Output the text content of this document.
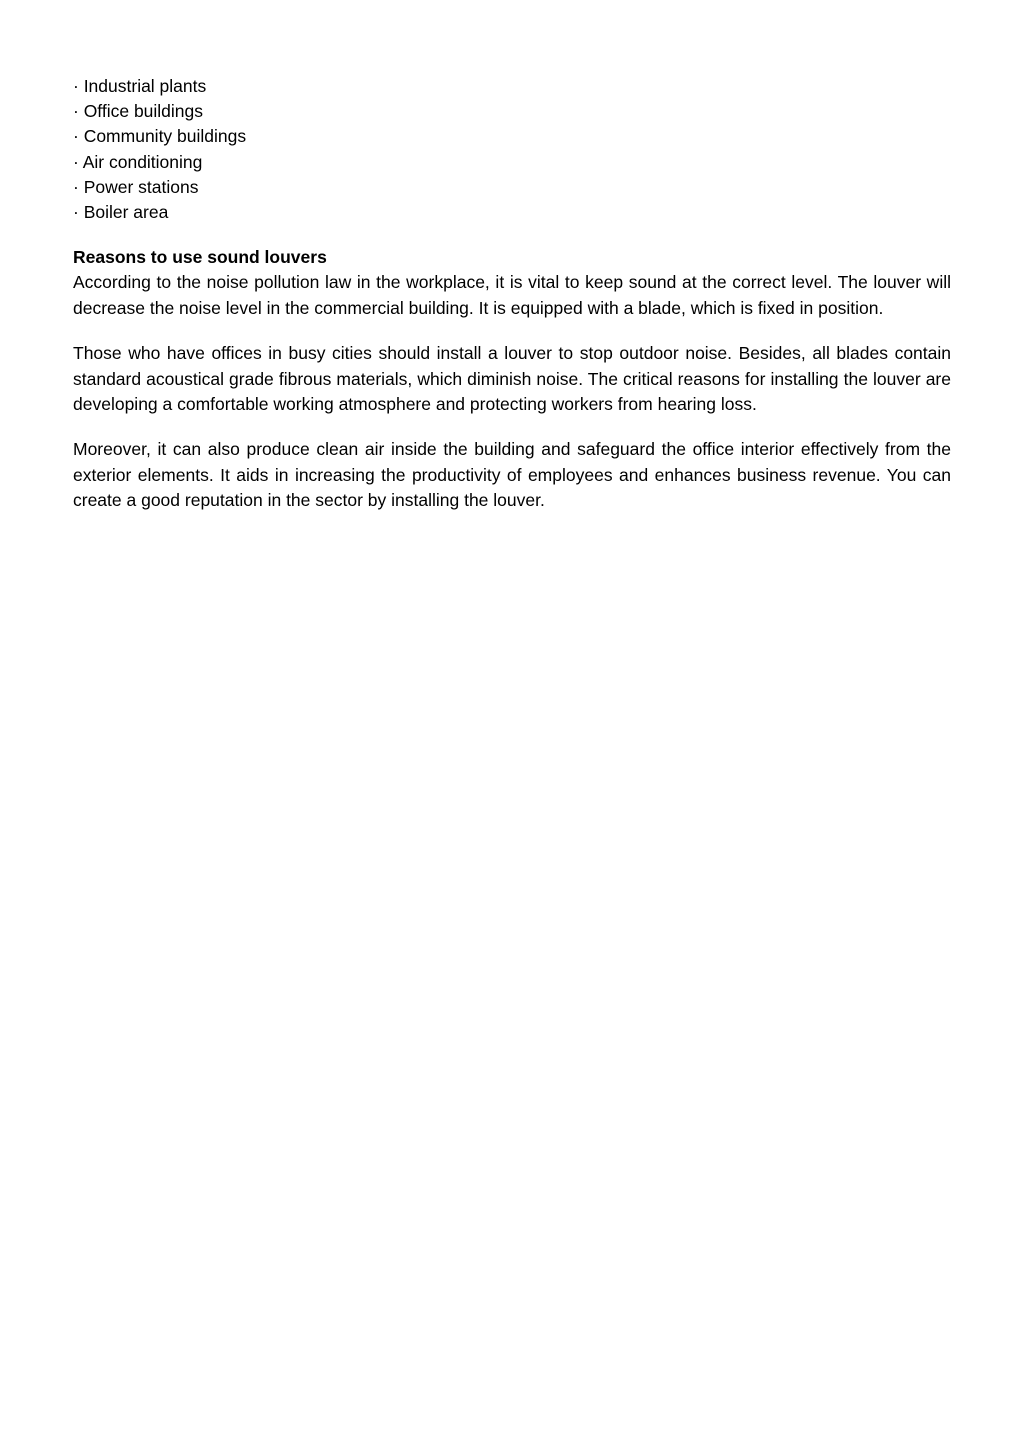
· Industrial plants
· Office buildings
· Community buildings
· Air conditioning
· Power stations
· Boiler area
Reasons to use sound louvers

According to the noise pollution law in the workplace, it is vital to keep sound at the correct level. The louver will decrease the noise level in the commercial building. It is equipped with a blade, which is fixed in position.

Those who have offices in busy cities should install a louver to stop outdoor noise. Besides, all blades contain standard acoustical grade fibrous materials, which diminish noise. The critical reasons for installing the louver are developing a comfortable working atmosphere and protecting workers from hearing loss.

Moreover, it can also produce clean air inside the building and safeguard the office interior effectively from the exterior elements. It aids in increasing the productivity of employees and enhances business revenue. You can create a good reputation in the sector by installing the louver.
